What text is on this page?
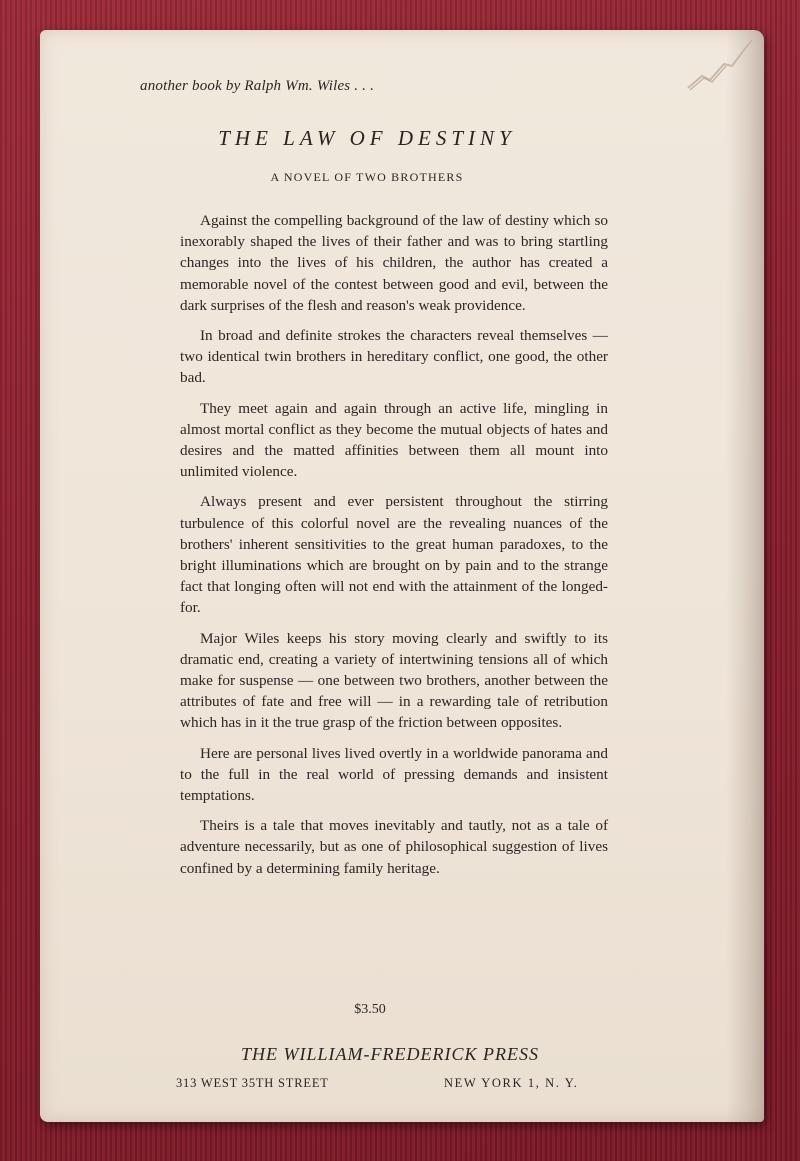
another book by Ralph Wm. Wiles . . .
THE LAW OF DESTINY
A NOVEL OF TWO BROTHERS

Against the compelling background of the law of destiny which so inexorably shaped the lives of their father and was to bring startling changes into the lives of his children, the author has created a memorable novel of the contest between good and evil, between the dark surprises of the flesh and reason's weak providence.

In broad and definite strokes the characters reveal themselves — two identical twin brothers in hereditary conflict, one good, the other bad.

They meet again and again through an active life, mingling in almost mortal conflict as they become the mutual objects of hates and desires and the matted affinities between them all mount into unlimited violence.

Always present and ever persistent throughout the stirring turbulence of this colorful novel are the revealing nuances of the brothers' inherent sensitivities to the great human paradoxes, to the bright illuminations which are brought on by pain and to the strange fact that longing often will not end with the attainment of the longed-for.

Major Wiles keeps his story moving clearly and swiftly to its dramatic end, creating a variety of intertwining tensions all of which make for suspense — one between two brothers, another between the attributes of fate and free will — in a rewarding tale of retribution which has in it the true grasp of the friction between opposites.

Here are personal lives lived overtly in a worldwide panorama and to the full in the real world of pressing demands and insistent temptations.

Theirs is a tale that moves inevitably and tautly, not as a tale of adventure necessarily, but as one of philosophical suggestion of lives confined by a determining family heritage.

$3.50
THE WILLIAM-FREDERICK PRESS
313 WEST 35TH STREET	NEW YORK 1, N. Y.
